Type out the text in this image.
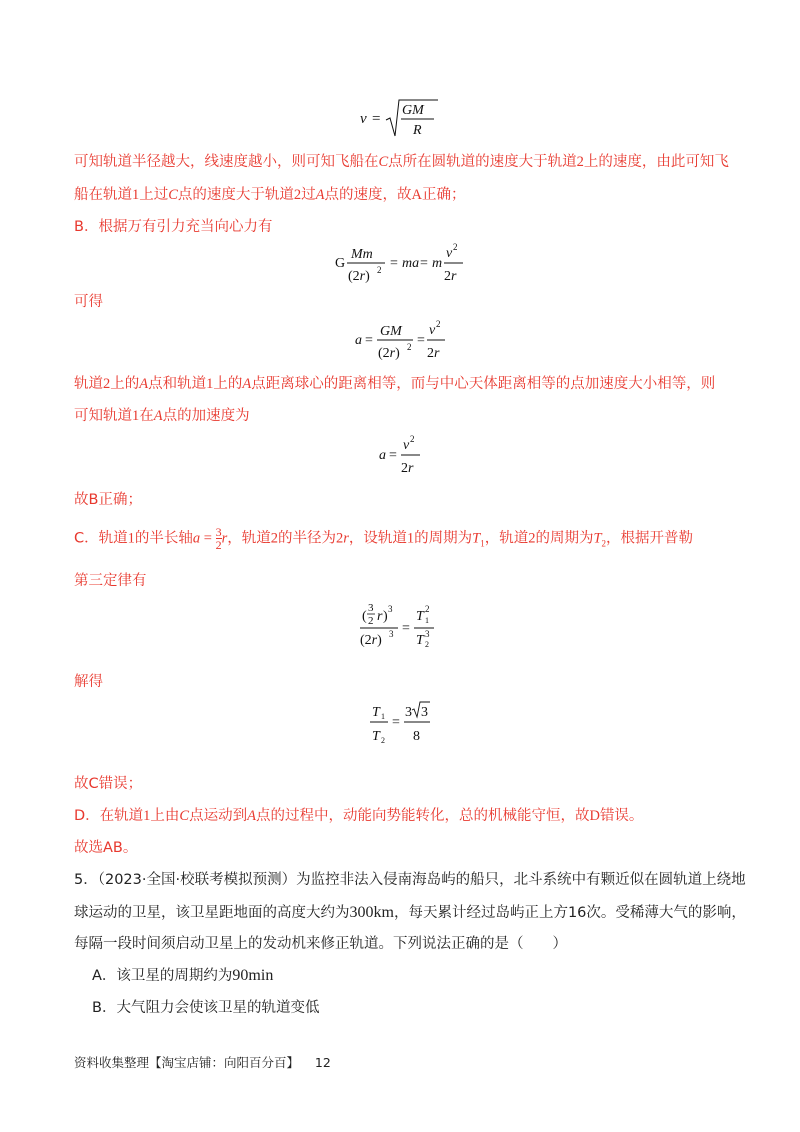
v =
GM
R
可知轨道半径越大，线速度越小，则可知飞船在C点所在圆轨道的速度大于轨道2上的速度，由此可知飞
船在轨道1上过C点的速度大于轨道2过A点的速度，故A正确；
B．根据万有引力充当向心力有
G
Mm
(2r) 2 = ma = m
v 2
2r
可得
a =
GM
(2r) 2 =
v 2
2r
轨道2上的A点和轨道1上的A点距离球心的距离相等，而与中心天体距离相等的点加速度大小相等，则
可知轨道1在A点的加速度为
a =
v 2
2r
故B正确；
C．轨道1的半长轴$a = \frac{3}{2}$ r，轨道2的半径为2r，设轨道1的周期为$T_1$，轨道2的周期为$T_2$，根据开普勒
第三定律有
(
3
2 r ) 3
(2r) 3 =
T 1
2
T 2
3
解得
T 1
T 2
=
3 3
8
故C错误；
D．在轨道1上由C点运动到A点的过程中，动能向势能转化，总的机械能守恒，故D错误。
故选AB。
5．（2023·全国·校联考模拟预测）为监控非法入侵南海岛屿的船只，北斗系统中有颗近似在圆轨道上绕地
球运动的卫星，该卫星距地面的高度大约为300km，每天累计经过岛屿正上方16次。受稀薄大气的影响，
每隔一段时间须启动卫星上的发动机来修正轨道。下列说法正确的是（　　）
A．该卫星的周期约为90min
B．大气阻力会使该卫星的轨道变低
资料收集整理【淘宝店铺：向阳百分百】 12
